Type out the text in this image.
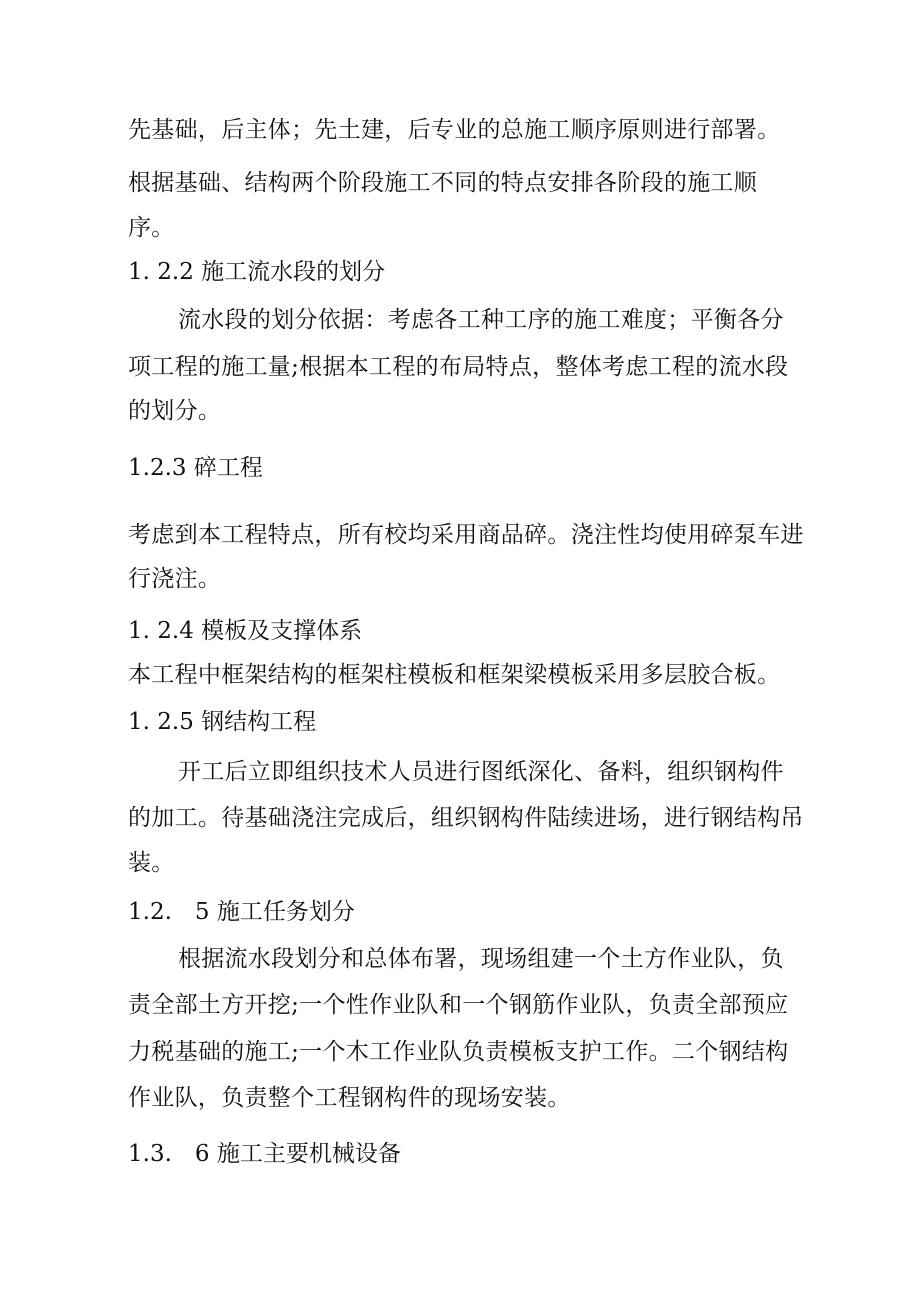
先基础，后主体；先土建，后专业的总施工顺序原则进行部署。
根据基础、结构两个阶段施工不同的特点安排各阶段的施工顺
序。
1. 2.2 施工流水段的划分
流水段的划分依据：考虑各工种工序的施工难度；平衡各分
项工程的施工量;根据本工程的布局特点，整体考虑工程的流水段
的划分。
1.2.3 碎工程
考虑到本工程特点，所有校均采用商品碎。浇注性均使用碎泵车进
行浇注。
1. 2.4 模板及支撑体系
本工程中框架结构的框架柱模板和框架梁模板采用多层胶合板。
1. 2.5 钢结构工程
开工后立即组织技术人员进行图纸深化、备料，组织钢构件
的加工。待基础浇注完成后，组织钢构件陆续进场，进行钢结构吊
装。
1.2.　5 施工任务划分
根据流水段划分和总体布署，现场组建一个土方作业队，负
责全部土方开挖;一个性作业队和一个钢筋作业队，负责全部预应
力税基础的施工;一个木工作业队负责模板支护工作。二个钢结构
作业队，负责整个工程钢构件的现场安装。
1.3.　6 施工主要机械设备
